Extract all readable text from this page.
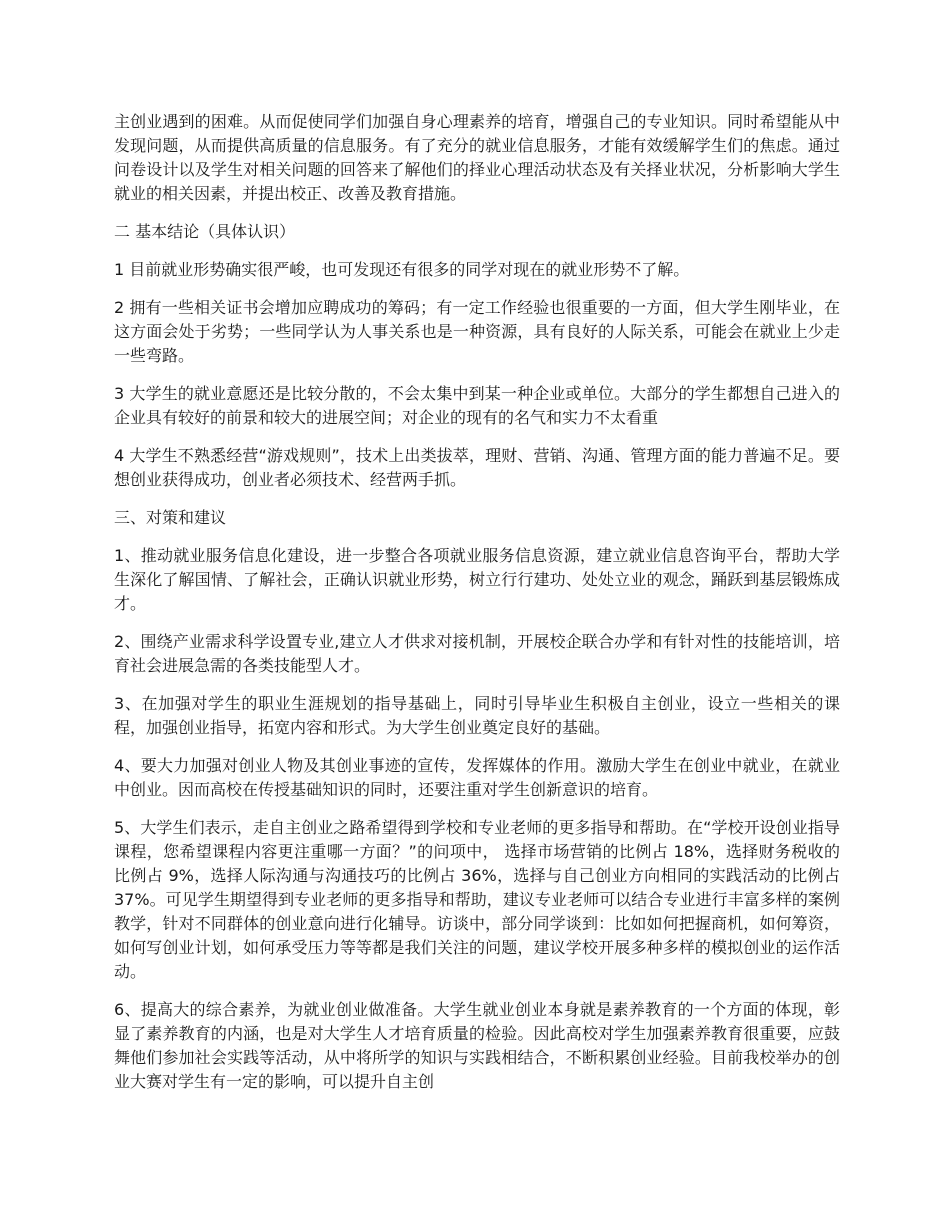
主创业遇到的困难。从而促使同学们加强自身心理素养的培育，增强自己的专业知识。同时希望能从中发现问题，从而提供高质量的信息服务。有了充分的就业信息服务，才能有效缓解学生们的焦虑。通过问卷设计以及学生对相关问题的回答来了解他们的择业心理活动状态及有关择业状况，分析影响大学生就业的相关因素，并提出校正、改善及教育措施。

二 基本结论（具体认识）

1 目前就业形势确实很严峻，也可发现还有很多的同学对现在的就业形势不了解。

2 拥有一些相关证书会增加应聘成功的筹码；有一定工作经验也很重要的一方面，但大学生刚毕业，在这方面会处于劣势；一些同学认为人事关系也是一种资源，具有良好的人际关系，可能会在就业上少走一些弯路。

3 大学生的就业意愿还是比较分散的，不会太集中到某一种企业或单位。大部分的学生都想自己进入的企业具有较好的前景和较大的进展空间；对企业的现有的名气和实力不太看重

4 大学生不熟悉经营“游戏规则”，技术上出类拔萃，理财、营销、沟通、管理方面的能力普遍不足。要想创业获得成功，创业者必须技术、经营两手抓。

三、对策和建议

1、推动就业服务信息化建设，进一步整合各项就业服务信息资源，建立就业信息咨询平台，帮助大学生深化了解国情、了解社会，正确认识就业形势，树立行行建功、处处立业的观念，踊跃到基层锻炼成才。

2、围绕产业需求科学设置专业,建立人才供求对接机制，开展校企联合办学和有针对性的技能培训，培育社会进展急需的各类技能型人才。

3、在加强对学生的职业生涯规划的指导基础上，同时引导毕业生积极自主创业，设立一些相关的课程，加强创业指导，拓宽内容和形式。为大学生创业奠定良好的基础。

4、要大力加强对创业人物及其创业事迹的宣传，发挥媒体的作用。激励大学生在创业中就业，在就业中创业。因而高校在传授基础知识的同时，还要注重对学生创新意识的培育。

5、大学生们表示，走自主创业之路希望得到学校和专业老师的更多指导和帮助。在“学校开设创业指导课程，您希望课程内容更注重哪一方面？”的问项中， 选择市场营销的比例占 18%，选择财务税收的比例占 9%，选择人际沟通与沟通技巧的比例占 36%，选择与自己创业方向相同的实践活动的比例占 37%。可见学生期望得到专业老师的更多指导和帮助，建议专业老师可以结合专业进行丰富多样的案例教学，针对不同群体的创业意向进行化辅导。访谈中，部分同学谈到：比如如何把握商机，如何筹资，如何写创业计划，如何承受压力等等都是我们关注的问题，建议学校开展多种多样的模拟创业的运作活动。

6、提高大的综合素养，为就业创业做准备。大学生就业创业本身就是素养教育的一个方面的体现，彰显了素养教育的内涵，也是对大学生人才培育质量的检验。因此高校对学生加强素养教育很重要，应鼓舞他们参加社会实践等活动，从中将所学的知识与实践相结合，不断积累创业经验。目前我校举办的创业大赛对学生有一定的影响，可以提升自主创
